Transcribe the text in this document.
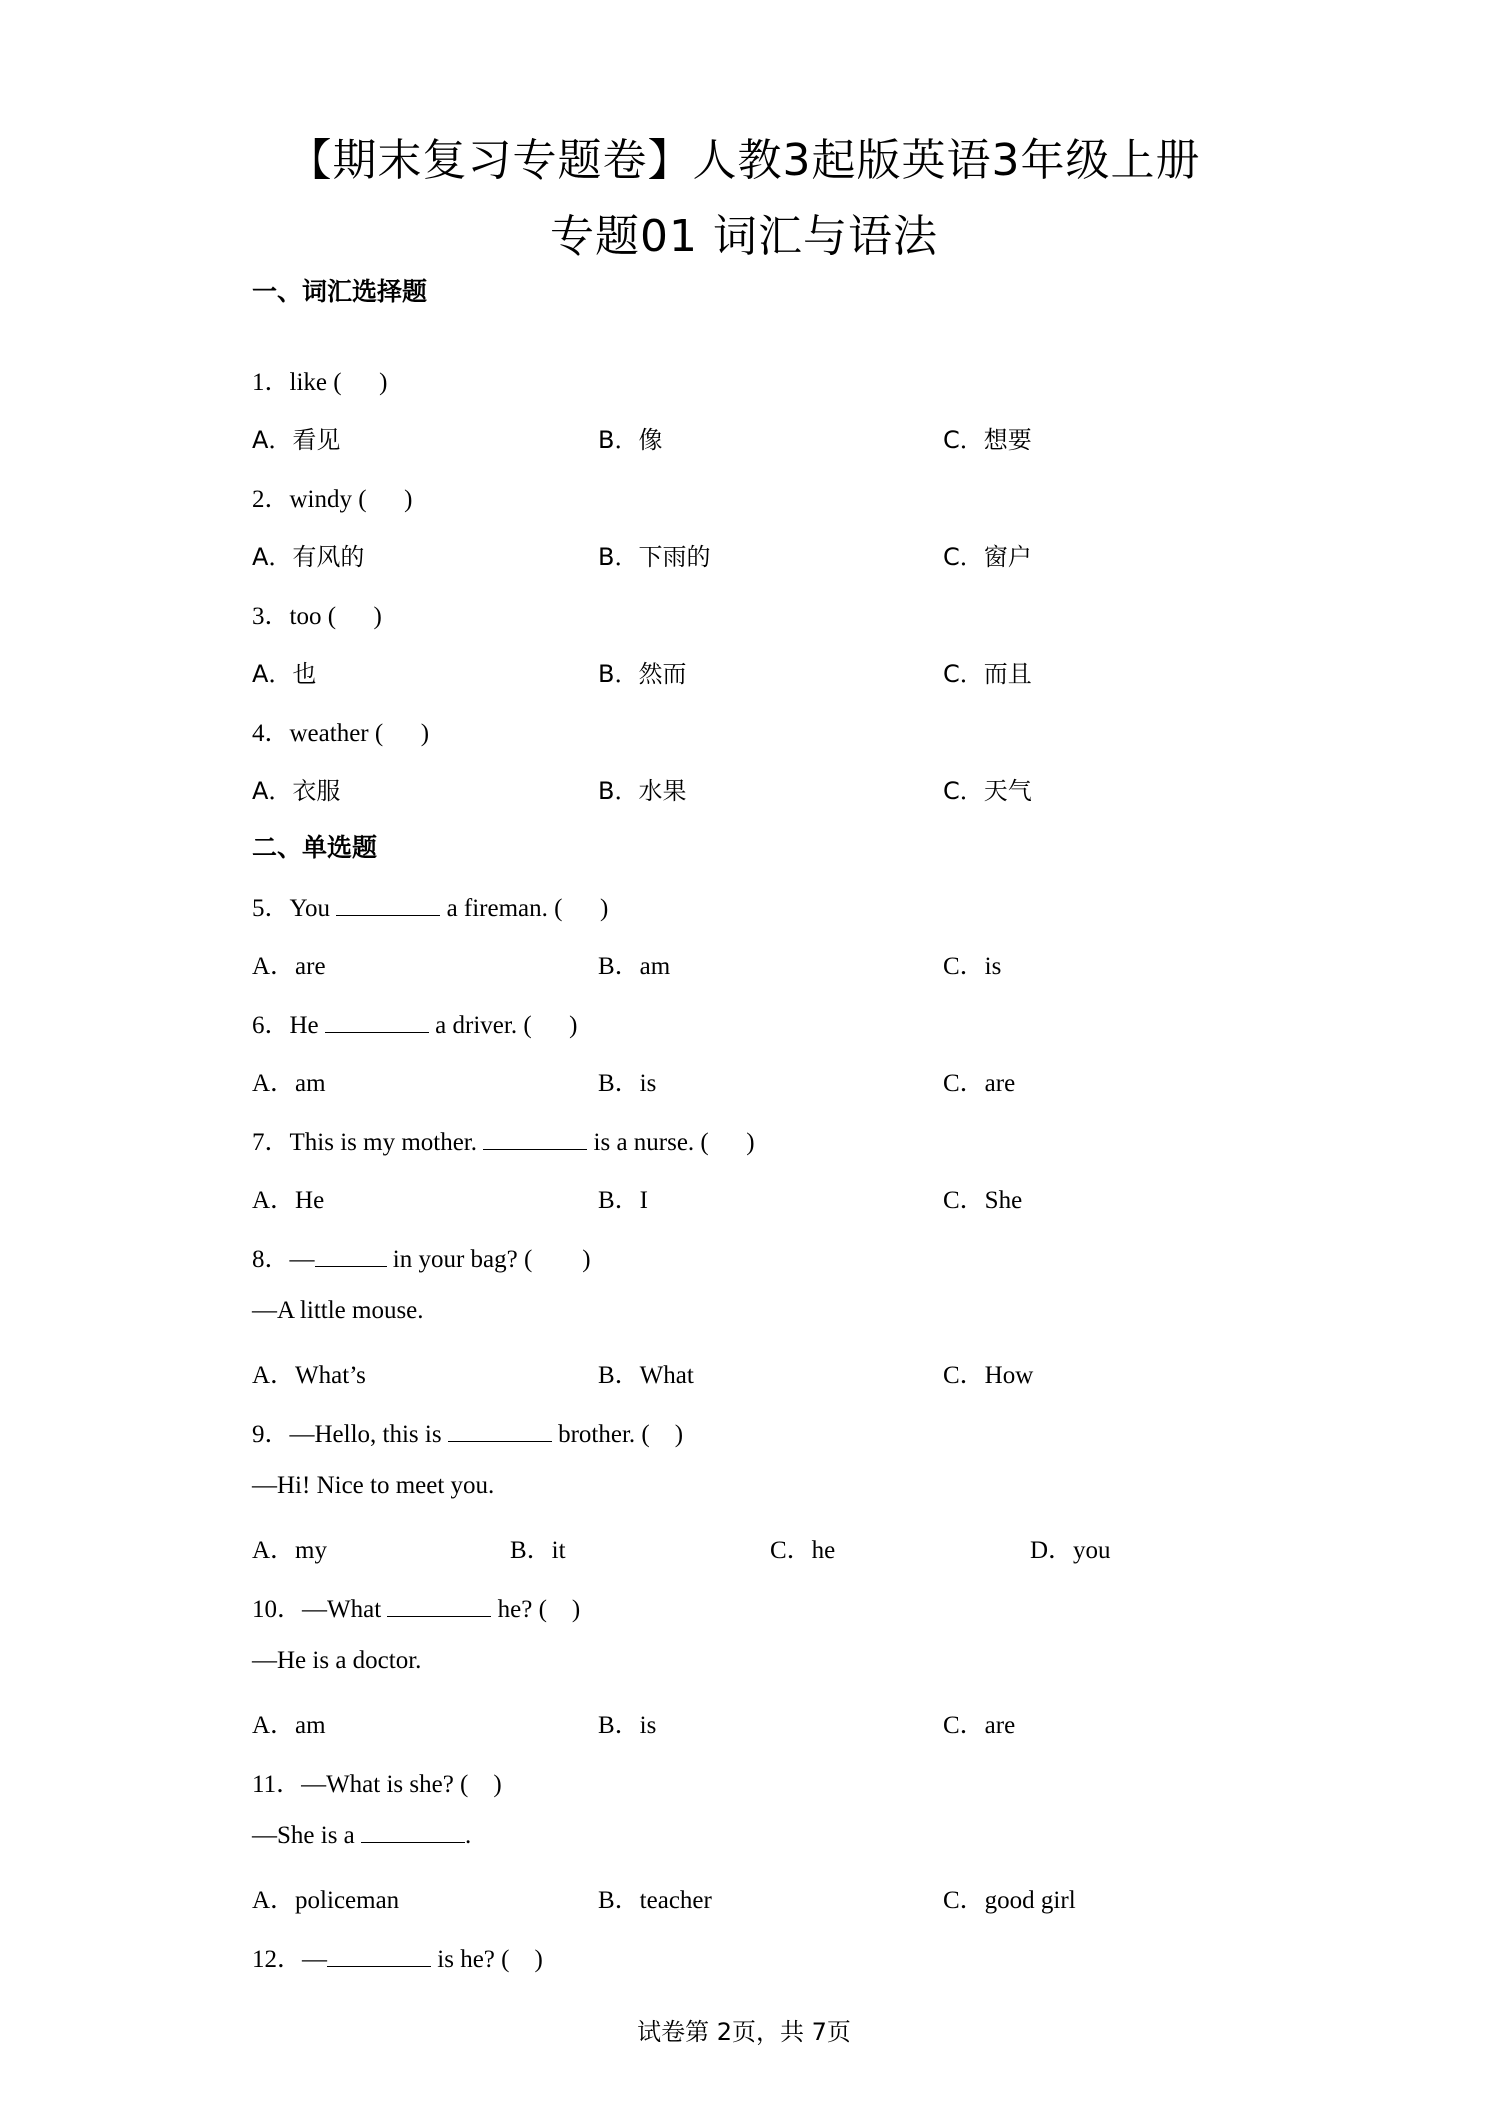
【期末复习专题卷】人教3起版英语3年级上册
专题01 词汇与语法
一、词汇选择题
1．like (      )
A．看见	B．像	C．想要
2．windy (      )
A．有风的	B．下雨的	C．窗户
3．too (      )
A．也	B．然而	C．而且
4．weather (      )
A．衣服	B．水果	C．天气
二、单选题
5．You	a fireman. (      )
A．are	B．am	C．is
6．He	a driver. (      )
A．am	B．is	C．are
7．This is my mother.	is a nurse. (      )
A．He	B．I	C．She
8．—	in your bag? (        )
—A little mouse.
A．What’s	B．What	C．How
9．—Hello, this is	brother. (    )
—Hi! Nice to meet you.
A．my	B．it	C．he	D．you
10．—What	he? (    )
—He is a doctor.
A．am	B．is	C．are
11．—What is she? (    )
—She is a	.
A．policeman	B．teacher	C．good girl
12．—	is he? (    )
试卷第 2页，共 7页
